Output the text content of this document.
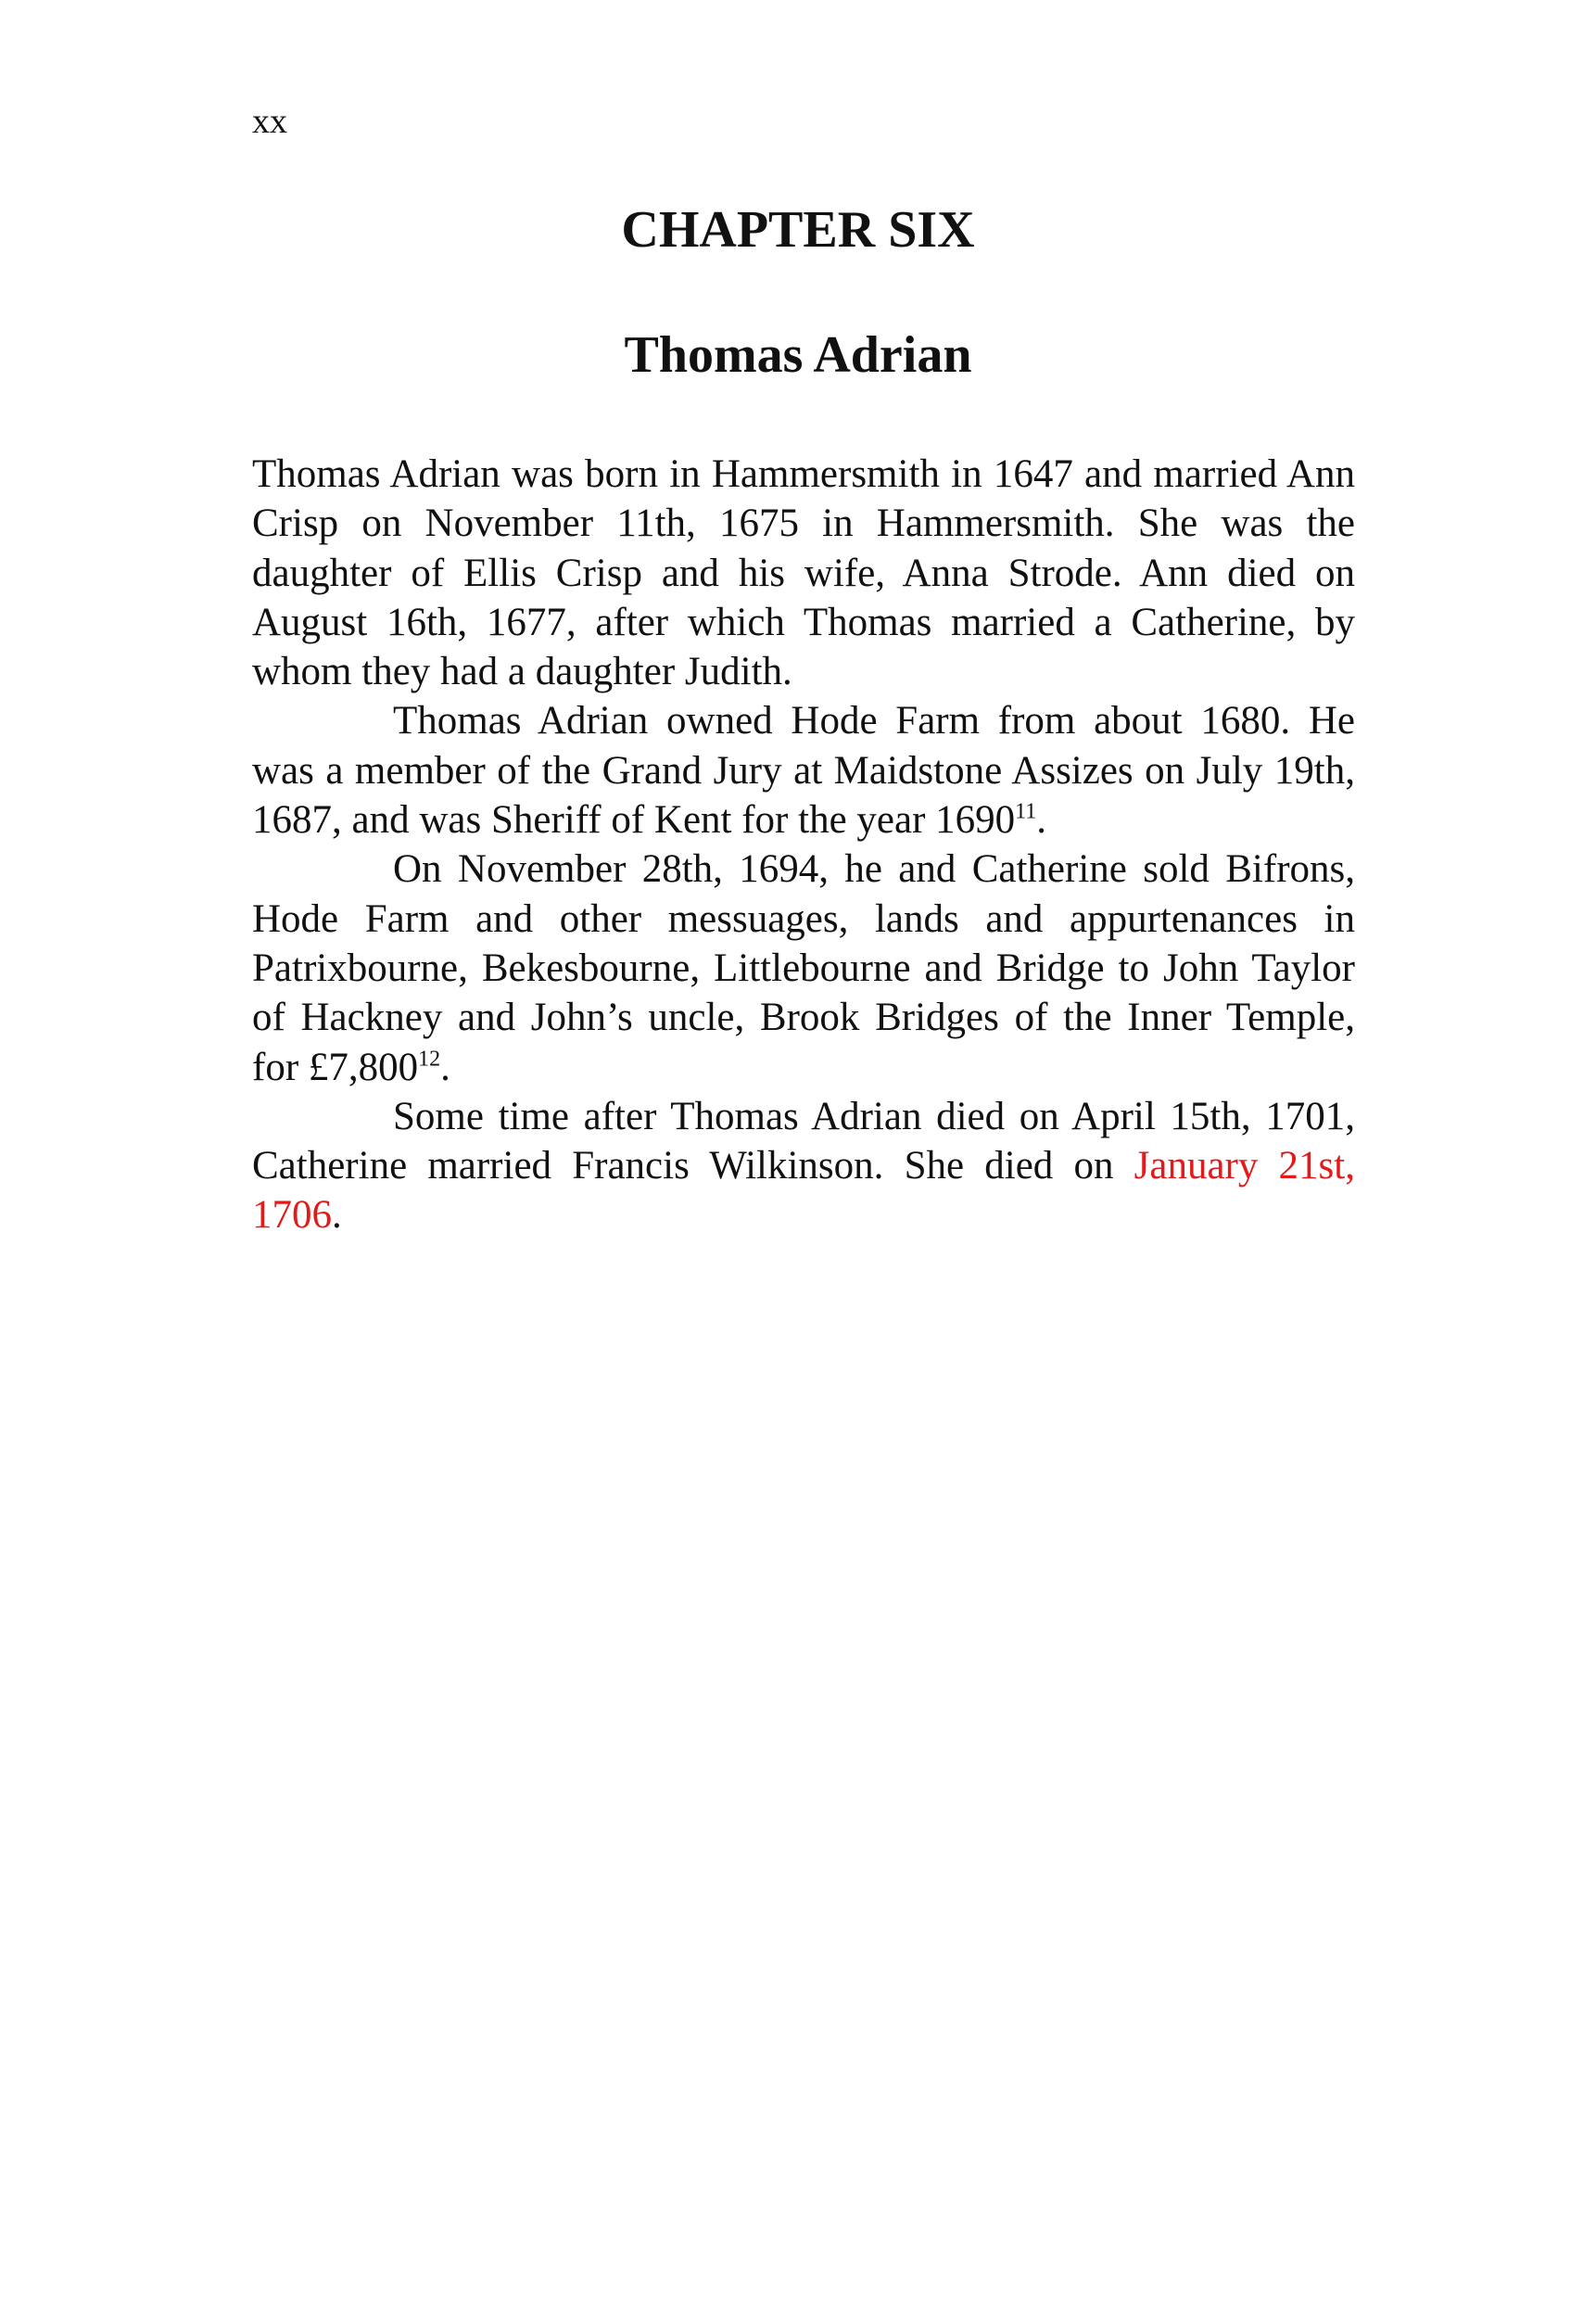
xx
CHAPTER SIX
Thomas Adrian

Thomas Adrian was born in Hammersmith in 1647 and married Ann Crisp on November 11th, 1675 in Hammersmith. She was the daughter of Ellis Crisp and his wife, Anna Strode. Ann died on August 16th, 1677, after which Thomas married a Catherine, by whom they had a daughter Judith.

Thomas Adrian owned Hode Farm from about 1680. He was a member of the Grand Jury at Maidstone Assizes on July 19th, 1687, and was Sheriff of Kent for the year 1690$^{11}$.

On November 28th, 1694, he and Catherine sold Bifrons, Hode Farm and other messuages, lands and appurtenances in Patrixbourne, Bekesbourne, Littlebourne and Bridge to John Taylor of Hackney and John’s uncle, Brook Bridges of the Inner Temple, for £7,800$^{12}$.

Some time after Thomas Adrian died on April 15th, 1701, Catherine married Francis Wilkinson. She died on January 21st, 1706.
